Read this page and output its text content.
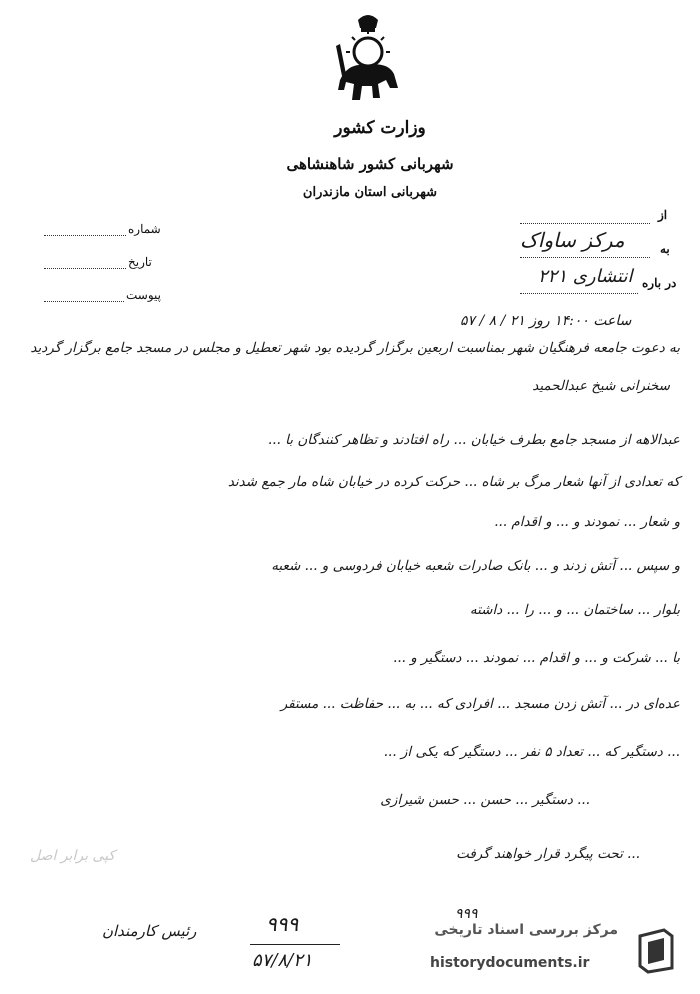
وزارت کشور
شهربانی کشور شاهنشاهی
شهربانی استان مازندران
شماره
تاریخ
پیوست
از
به
مرکز ساواک
در باره
انتشاری ۲۲۱
ساعت ۱۴:۰۰ روز ۲۱ / ۸ / ۵۷
به دعوت جامعه فرهنگیان شهر بمناسبت اربعین برگزار گردیده بود شهر تعطیل و مجلس در مسجد جامع برگزار گردید
سخنرانی شیخ عبدالحمید
عبدالاهه از مسجد جامع بطرف خیابان ... راه افتادند و تظاهر کنندگان با ...
که تعدادی از آنها شعار مرگ بر شاه ... حرکت کرده در خیابان شاه مار جمع شدند
و شعار ... نمودند و ... و اقدام ...
و سپس ... آتش زدند و ... بانک صادرات شعبه خیابان فردوسی و ... شعبه
بلوار ... ساختمان ... و ... را ... داشته
با ... شرکت و ... و اقدام ... نمودند ... دستگیر و ...
عده‌ای در ... آتش زدن مسجد ... افرادی که ... به ... حفاظت ... مستقر
... دستگیر که ... تعداد ۵ نفر ... دستگیر که یکی از ...
... دستگیر ... حسن ... حسن شیرازی
... تحت پیگرد قرار خواهند گرفت
کپی برابر اصل
رئیس کارمندان	۹۹۹
۵۷/۸/۲۱
۹۹۹
مرکز بررسی اسناد تاریخی
historydocuments.ir
